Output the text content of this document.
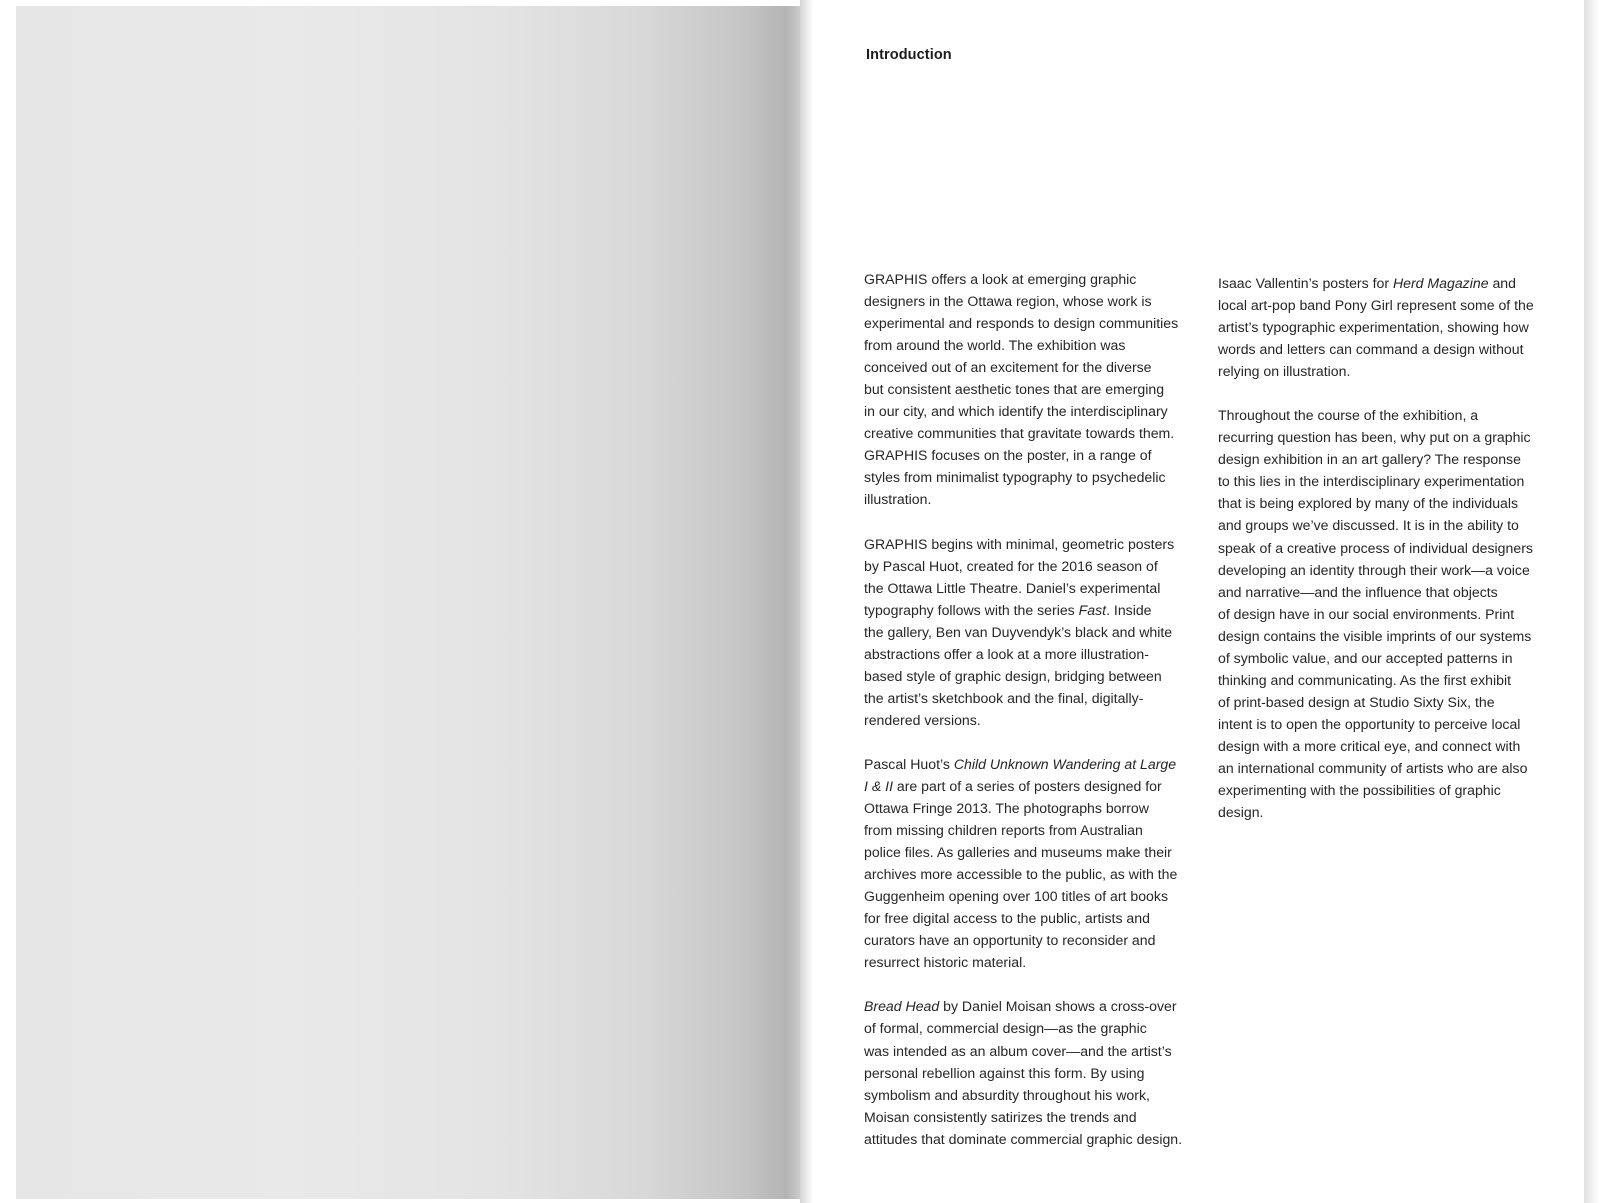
Introduction

GRAPHIS offers a look at emerging graphic
designers in the Ottawa region, whose work is
experimental and responds to design communities
from around the world. The exhibition was
conceived out of an excitement for the diverse
but consistent aesthetic tones that are emerging
in our city, and which identify the interdisciplinary
creative communities that gravitate towards them.
GRAPHIS focuses on the poster, in a range of
styles from minimalist typography to psychedelic
illustration.

GRAPHIS begins with minimal, geometric posters
by Pascal Huot, created for the 2016 season of
the Ottawa Little Theatre. Daniel’s experimental
typography follows with the series Fast. Inside
the gallery, Ben van Duyvendyk’s black and white
abstractions offer a look at a more illustration-
based style of graphic design, bridging between
the artist’s sketchbook and the final, digitally-
rendered versions.

Pascal Huot’s Child Unknown Wandering at Large
I & II are part of a series of posters designed for
Ottawa Fringe 2013. The photographs borrow
from missing children reports from Australian
police files. As galleries and museums make their
archives more accessible to the public, as with the
Guggenheim opening over 100 titles of art books
for free digital access to the public, artists and
curators have an opportunity to reconsider and
resurrect historic material.

Bread Head by Daniel Moisan shows a cross-over
of formal, commercial design—as the graphic
was intended as an album cover—and the artist’s
personal rebellion against this form. By using
symbolism and absurdity throughout his work,
Moisan consistently satirizes the trends and
attitudes that dominate commercial graphic design.

Isaac Vallentin’s posters for Herd Magazine and
local art-pop band Pony Girl represent some of the
artist’s typographic experimentation, showing how
words and letters can command a design without
relying on illustration.

Throughout the course of the exhibition, a
recurring question has been, why put on a graphic
design exhibition in an art gallery? The response
to this lies in the interdisciplinary experimentation
that is being explored by many of the individuals
and groups we’ve discussed. It is in the ability to
speak of a creative process of individual designers
developing an identity through their work—a voice
and narrative—and the influence that objects
of design have in our social environments. Print
design contains the visible imprints of our systems
of symbolic value, and our accepted patterns in
thinking and communicating. As the first exhibit
of print-based design at Studio Sixty Six, the
intent is to open the opportunity to perceive local
design with a more critical eye, and connect with
an international community of artists who are also
experimenting with the possibilities of graphic
design.
